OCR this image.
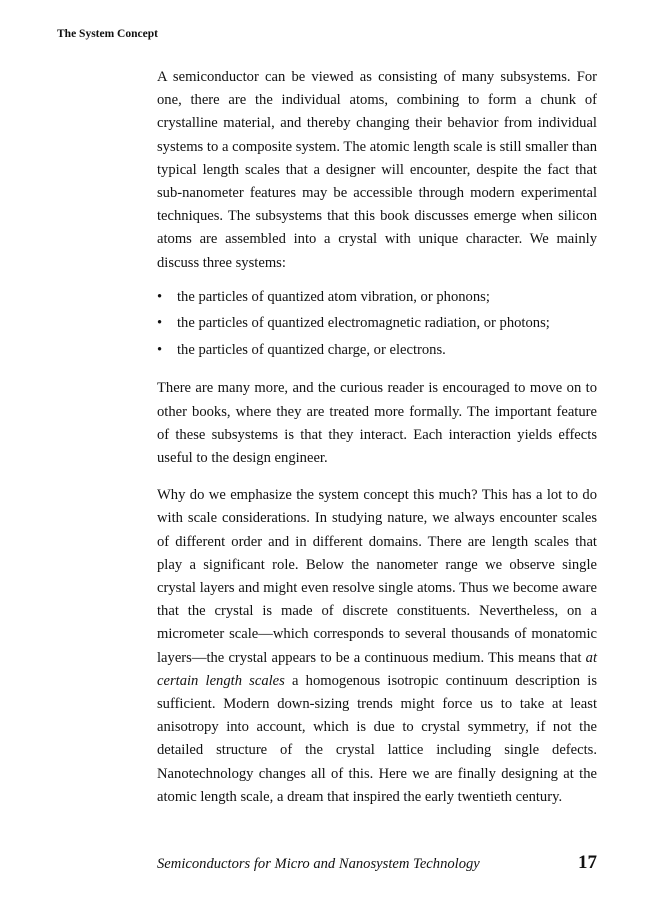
The System Concept

A semiconductor can be viewed as consisting of many subsystems. For one, there are the individual atoms, combining to form a chunk of crystalline material, and thereby changing their behavior from individual systems to a composite system. The atomic length scale is still smaller than typical length scales that a designer will encounter, despite the fact that sub-nanometer features may be accessible through modern experimental techniques. The subsystems that this book discusses emerge when silicon atoms are assembled into a crystal with unique character. We mainly discuss three systems:

• the particles of quantized atom vibration, or phonons;
• the particles of quantized electromagnetic radiation, or photons;
• the particles of quantized charge, or electrons.

There are many more, and the curious reader is encouraged to move on to other books, where they are treated more formally. The important feature of these subsystems is that they interact. Each interaction yields effects useful to the design engineer.

Why do we emphasize the system concept this much? This has a lot to do with scale considerations. In studying nature, we always encounter scales of different order and in different domains. There are length scales that play a significant role. Below the nanometer range we observe single crystal layers and might even resolve single atoms. Thus we become aware that the crystal is made of discrete constituents. Nevertheless, on a micrometer scale—which corresponds to several thousands of monatomic layers—the crystal appears to be a continuous medium. This means that at certain length scales a homogenous isotropic continuum description is sufficient. Modern down-sizing trends might force us to take at least anisotropy into account, which is due to crystal symmetry, if not the detailed structure of the crystal lattice including single defects. Nanotechnology changes all of this. Here we are finally designing at the atomic length scale, a dream that inspired the early twentieth century.

Semiconductors for Micro and Nanosystem Technology	17
